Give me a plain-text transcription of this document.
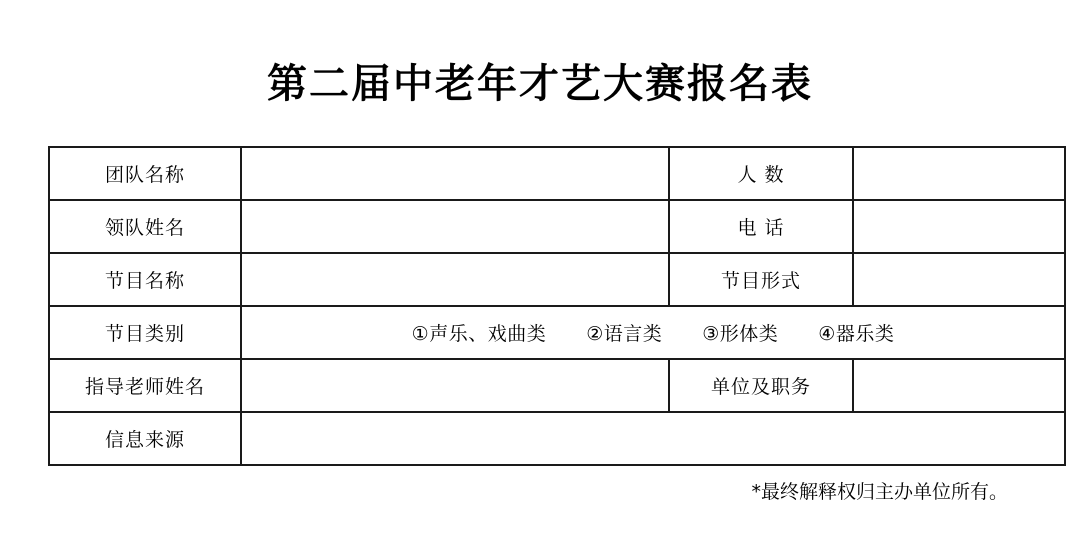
第二届中老年才艺大赛报名表
团队名称		人 数	
领队姓名		电 话	
节目名称		节目形式	
节目类别	①声乐、戏曲类 ②语言类 ③形体类 ④器乐类		

指导老师姓名		单位及职务	
信息来源			
*最终解释权归主办单位所有。
